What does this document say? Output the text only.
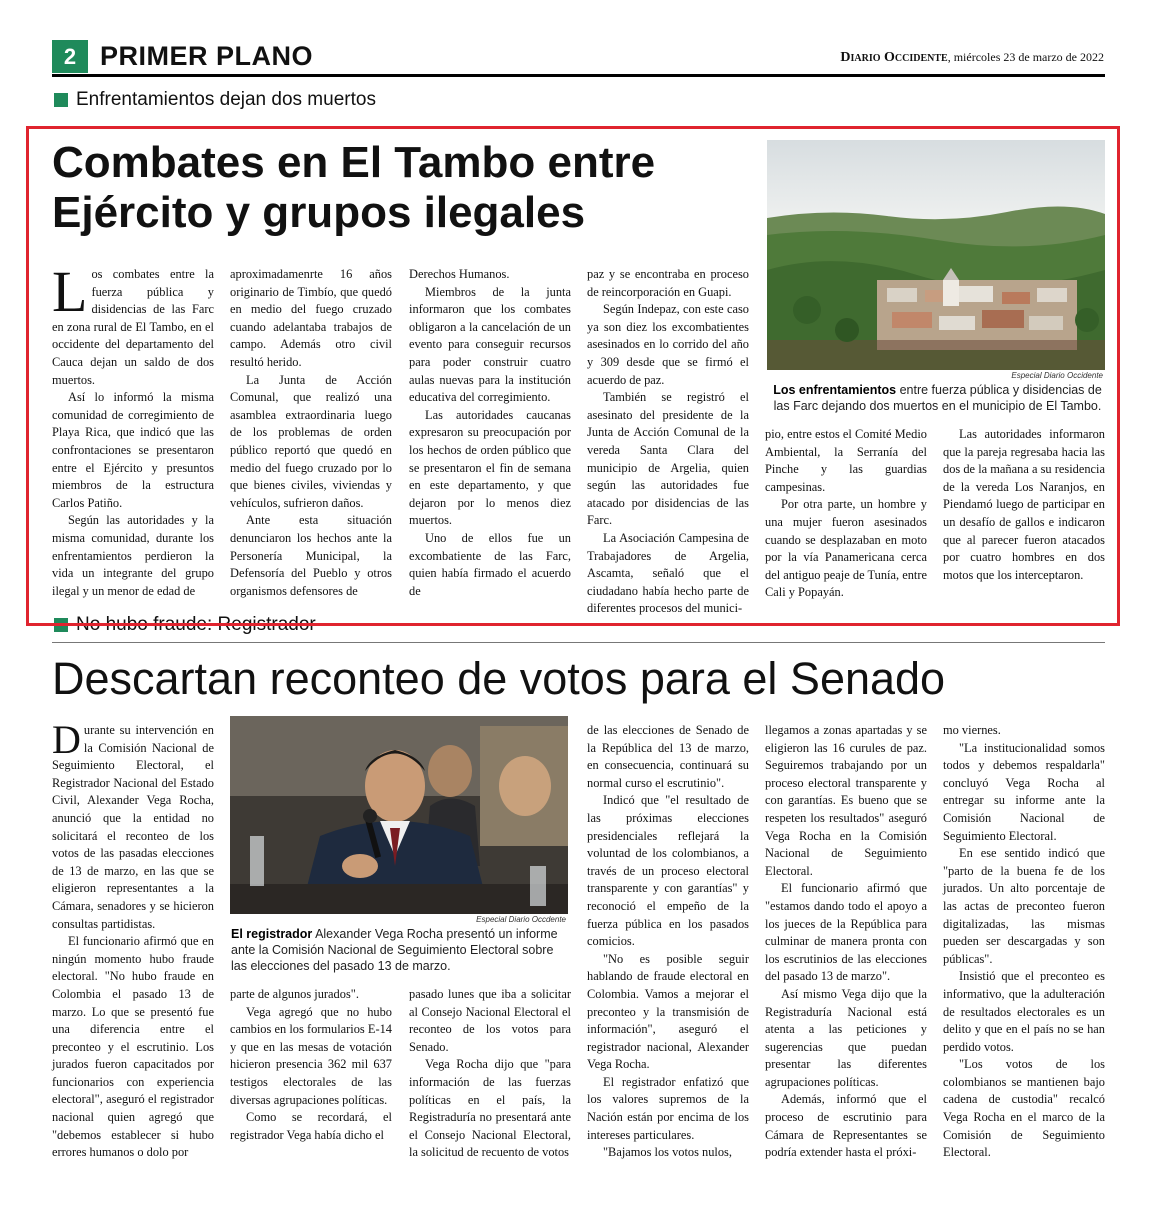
2 PRIMER PLANO	Diario Occidente, miércoles 23 de marzo de 2022
Enfrentamientos dejan dos muertos
Combates en El Tambo entre
Ejército y grupos ilegales
Especial Diario Occidente
Los enfrentamientos entre fuerza pública y disidencias de las Farc dejando dos muertos en el municipio de El Tambo.

Los combates entre la fuerza pública y disidencias de las Farc en zona rural de El Tambo, en el occidente del departamento del Cauca dejan un saldo de dos muertos.

Así lo informó la misma comunidad de corregimiento de Playa Rica, que indicó que las confrontaciones se presentaron entre el Ejército y presuntos miembros de la estructura Carlos Patiño.

Según las autoridades y la misma comunidad, durante los enfrentamientos perdieron la vida un integrante del grupo ilegal y un menor de edad de

aproximadamenrte 16 años originario de Timbío, que quedó en medio del fuego cruzado cuando adelantaba trabajos de campo. Además otro civil resultó herido.

La Junta de Acción Comunal, que realizó una asamblea extraordinaria luego de los problemas de orden público reportó que quedó en medio del fuego cruzado por lo que bienes civiles, viviendas y vehículos, sufrieron daños.

Ante esta situación denunciaron los hechos ante la Personería Municipal, la Defensoría del Pueblo y otros organismos defensores de

Derechos Humanos.

Miembros de la junta informaron que los combates obligaron a la cancelación de un evento para conseguir recursos para poder construir cuatro aulas nuevas para la institución educativa del corregimiento.

Las autoridades caucanas expresaron su preocupación por los hechos de orden público que se presentaron el fin de semana en este departamento, y que dejaron por lo menos diez muertos.

Uno de ellos fue un excombatiente de las Farc, quien había firmado el acuerdo de

paz y se encontraba en proceso de reincorporación en Guapi.

Según Indepaz, con este caso ya son diez los excombatientes asesinados en lo corrido del año y 309 desde que se firmó el acuerdo de paz.

También se registró el asesinato del presidente de la Junta de Acción Comunal de la vereda Santa Clara del municipio de Argelia, quien según las autoridades fue atacado por disidencias de las Farc.

La Asociación Campesina de Trabajadores de Argelia, Ascamta, señaló que el ciudadano había hecho parte de diferentes procesos del munici-

pio, entre estos el Comité Medio Ambiental, la Serranía del Pinche y las guardias campesinas.

Por otra parte, un hombre y una mujer fueron asesinados cuando se desplazaban en moto por la vía Panamericana cerca del antiguo peaje de Tunía, entre Cali y Popayán.

Las autoridades informaron que la pareja regresaba hacia las dos de la mañana a su residencia de la vereda Los Naranjos, en Piendamó luego de participar en un desafío de gallos e indicaron que al parecer fueron atacados por cuatro hombres en dos motos que los interceptaron.

No hubo fraude: Registrador
Descartan reconteo de votos para el Senado
Especial Diario Occdente
El registrador Alexander Vega Rocha presentó un informe ante la Comisión Nacional de Seguimiento Electoral sobre las elecciones del pasado 13 de marzo.

Durante su intervención en la Comisión Nacional de Seguimiento Electoral, el Registrador Nacional del Estado Civil, Alexander Vega Rocha, anunció que la entidad no solicitará el reconteo de los votos de las pasadas elecciones de 13 de marzo, en las que se eligieron representantes a la Cámara, senadores y se hicieron consultas partidistas.

El funcionario afirmó que en ningún momento hubo fraude electoral. "No hubo fraude en Colombia el pasado 13 de marzo. Lo que se presentó fue una diferencia entre el preconteo y el escrutinio. Los jurados fueron capacitados por funcionarios con experiencia electoral", aseguró el registrador nacional quien agregó que "debemos establecer si hubo errores humanos o dolo por

parte de algunos jurados".

Vega agregó que no hubo cambios en los formularios E-14 y que en las mesas de votación hicieron presencia 362 mil 637 testigos electorales de las diversas agrupaciones políticas.

Como se recordará, el registrador Vega había dicho el

pasado lunes que iba a solicitar al Consejo Nacional Electoral el reconteo de los votos para Senado.

Vega Rocha dijo que "para información de las fuerzas políticas en el país, la Registraduría no presentará ante el Consejo Nacional Electoral, la solicitud de recuento de votos

de las elecciones de Senado de la República del 13 de marzo, en consecuencia, continuará su normal curso el escrutinio".

Indicó que "el resultado de las próximas elecciones presidenciales reflejará la voluntad de los colombianos, a través de un proceso electoral transparente y con garantías" y reconoció el empeño de la fuerza pública en los pasados comicios.

"No es posible seguir hablando de fraude electoral en Colombia. Vamos a mejorar el preconteo y la transmisión de información", aseguró el registrador nacional, Alexander Vega Rocha.

El registrador enfatizó que los valores supremos de la Nación están por encima de los intereses particulares.

"Bajamos los votos nulos,

llegamos a zonas apartadas y se eligieron las 16 curules de paz. Seguiremos trabajando por un proceso electoral transparente y con garantías. Es bueno que se respeten los resultados" aseguró Vega Rocha en la Comisión Nacional de Seguimiento Electoral.

El funcionario afirmó que "estamos dando todo el apoyo a los jueces de la República para culminar de manera pronta con los escrutinios de las elecciones del pasado 13 de marzo".

Así mismo Vega dijo que la Registraduría Nacional está atenta a las peticiones y sugerencias que puedan presentar las diferentes agrupaciones políticas.

Además, informó que el proceso de escrutinio para Cámara de Representantes se podría extender hasta el próxi-

mo viernes.

"La institucionalidad somos todos y debemos respaldarla" concluyó Vega Rocha al entregar su informe ante la Comisión Nacional de Seguimiento Electoral.

En ese sentido indicó que "parto de la buena fe de los jurados. Un alto porcentaje de las actas de preconteo fueron digitalizadas, las mismas pueden ser descargadas y son públicas".

Insistió que el preconteo es informativo, que la adulteración de resultados electorales es un delito y que en el país no se han perdido votos.

"Los votos de los colombianos se mantienen bajo cadena de custodia" recalcó Vega Rocha en el marco de la Comisión de Seguimiento Electoral.
